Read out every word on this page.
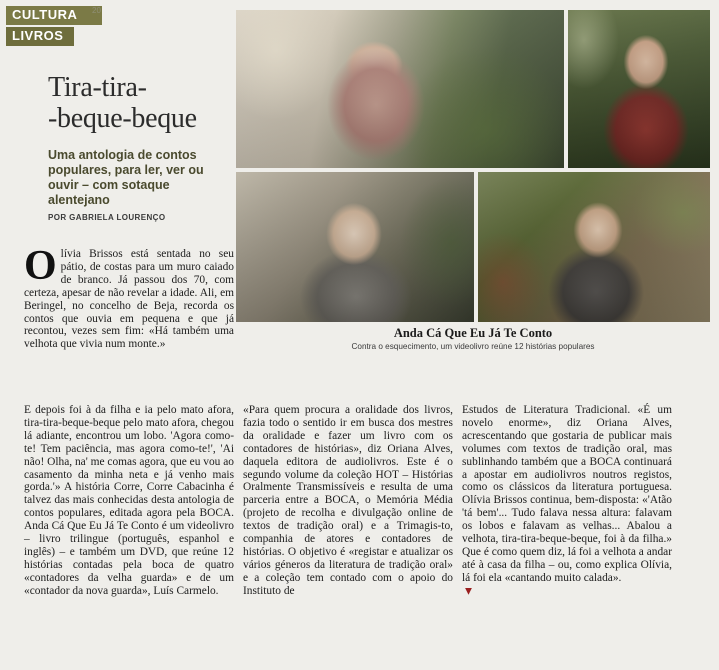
CULTURA
LIVROS
20
Tira-tira-
-beque-beque
Uma antologia de contos populares, para ler, ver ou ouvir – com sotaque alentejano
POR GABRIELA LOURENÇO
O lívia Brissos está sentada no seu pátio, de costas para um muro caiado de branco. Já passou dos 70, com certeza, apesar de não revelar a idade. Ali, em Beringel, no concelho de Beja, recorda os contos que ouvia em pequena e que já recontou, vezes sem fim: «Há também uma velhota que vivia num monte.»

Anda Cá Que Eu Já Te Conto
Contra o esquecimento, um videolivro reúne 12 histórias populares

E depois foi à da filha e ia pelo mato afora, tira-tira-beque-beque pelo mato afora, chegou lá adiante, encontrou um lobo. 'Agora como-te! Tem paciência, mas agora como-te!', 'Ai não! Olha, na' me comas agora, que eu vou ao casamento da minha neta e já venho mais gorda.'» A história Corre, Corre Cabacinha é talvez das mais conhecidas desta antologia de contos populares, editada agora pela BOCA. Anda Cá Que Eu Já Te Conto é um videolivro – livro trilingue (português, espanhol e inglês) – e também um DVD, que reúne 12 histórias contadas pela boca de quatro «contadores da velha guarda» e de um «contador da nova guarda», Luís Carmelo.

«Para quem procura a oralidade dos livros, fazia todo o sentido ir em busca dos mestres da oralidade e fazer um livro com os contadores de histórias», diz Oriana Alves, daquela editora de audiolivros. Este é o segundo volume da coleção HOT – Histórias Oralmente Transmissíveis e resulta de uma parceria entre a BOCA, o Memória Média (projeto de recolha e divulgação online de textos de tradição oral) e a Trimagis-to, companhia de atores e contadores de histórias. O objetivo é «registar e atualizar os vários géneros da literatura de tradição oral» e a coleção tem contado com o apoio do Instituto de

Estudos de Literatura Tradicional. «É um novelo enorme», diz Oriana Alves, acrescentando que gostaria de publicar mais volumes com textos de tradição oral, mas sublinhando também que a BOCA continuará a apostar em audiolivros noutros registos, como os clássicos da literatura portuguesa. Olívia Brissos continua, bem-disposta: «'Atão 'tá bem'... Tudo falava nessa altura: falavam os lobos e falavam as velhas... Abalou a velhota, tira-tira-beque-beque, foi à da filha.» Que é como quem diz, lá foi a velhota a andar até à casa da filha – ou, como explica Olívia, lá foi ela «cantando muito calada».
